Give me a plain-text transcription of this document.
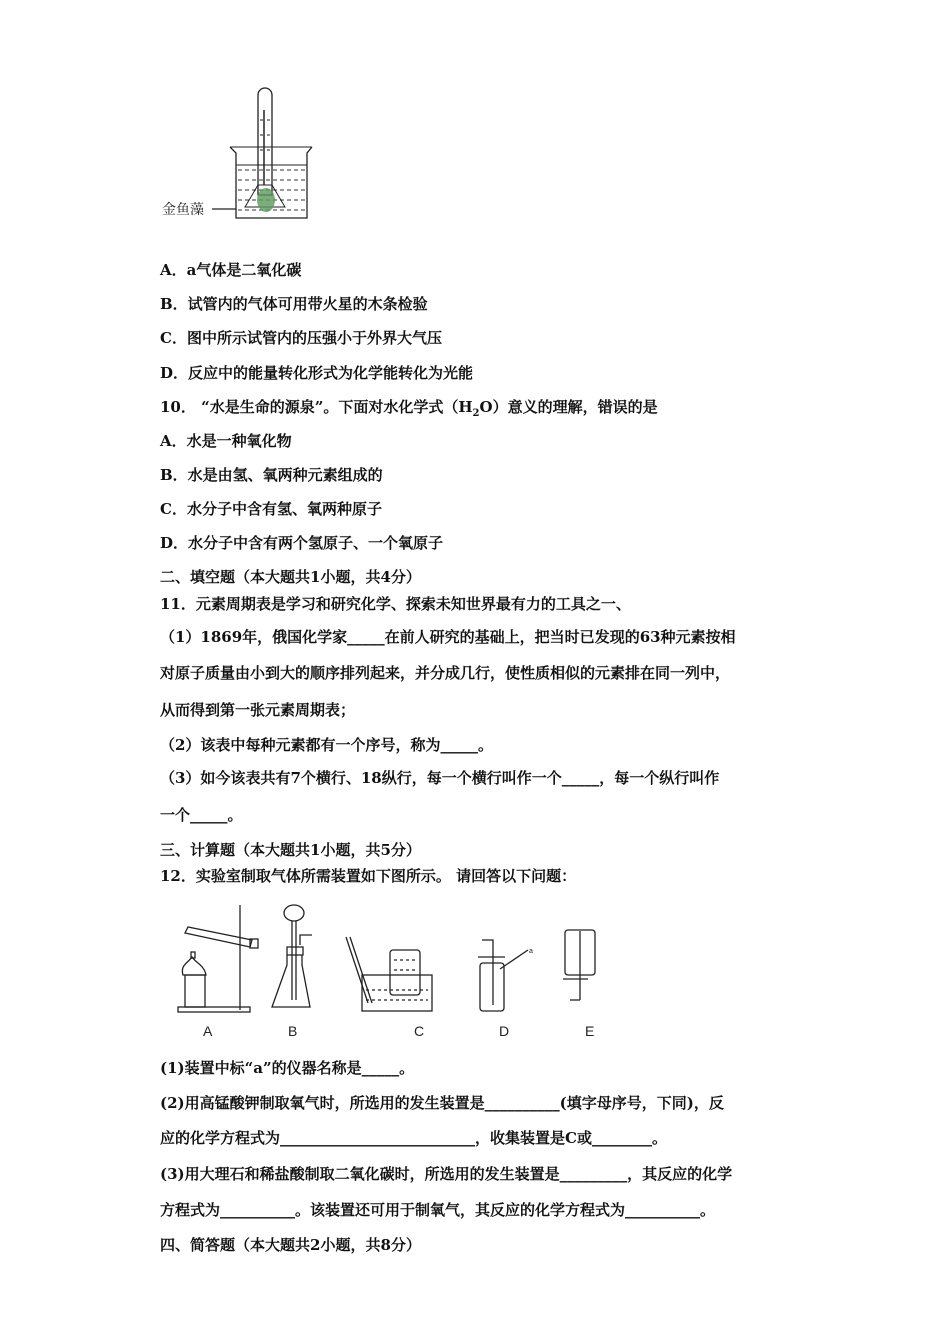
金鱼藻
A．a气体是二氧化碳
B．试管内的气体可用带火星的木条检验
C．图中所示试管内的压强小于外界大气压
D．反应中的能量转化形式为化学能转化为光能
10． “水是生命的源泉”。下面对水化学式$(H_2O)$意义的理解，错误的是
A．水是一种氧化物
B．水是由氢、氧两种元素组成的
C．水分子中含有氢、氧两种原子
D．水分子中含有两个氢原子、一个氧原子
二、填空题（本大题共1小题，共4分）
11．元素周期表是学习和研究化学、探索未知世界最有力的工具之一、
（1）1869年，俄国化学家_____在前人研究的基础上，把当时已发现的63种元素按相
对原子质量由小到大的顺序排列起来，并分成几行，使性质相似的元素排在同一列中，
从而得到第一张元素周期表；
（2）该表中每种元素都有一个序号，称为_____。
（3）如今该表共有7个横行、18纵行，每一个横行叫作一个_____，每一个纵行叫作
一个_____。
三、计算题（本大题共1小题，共5分）
12．实验室制取气体所需装置如下图所示。 请回答以下问题：
a
A	B	C	D	E
(1)装置中标“a”的仪器名称是_____。
(2)用高锰酸钾制取氧气时，所选用的发生装置是__________(填字母序号，下同)，反
应的化学方程式为__________________________，收集装置是C或________。
(3)用大理石和稀盐酸制取二氧化碳时，所选用的发生装置是_________，其反应的化学
方程式为__________。该装置还可用于制氧气，其反应的化学方程式为__________。
四、简答题（本大题共2小题，共8分）
